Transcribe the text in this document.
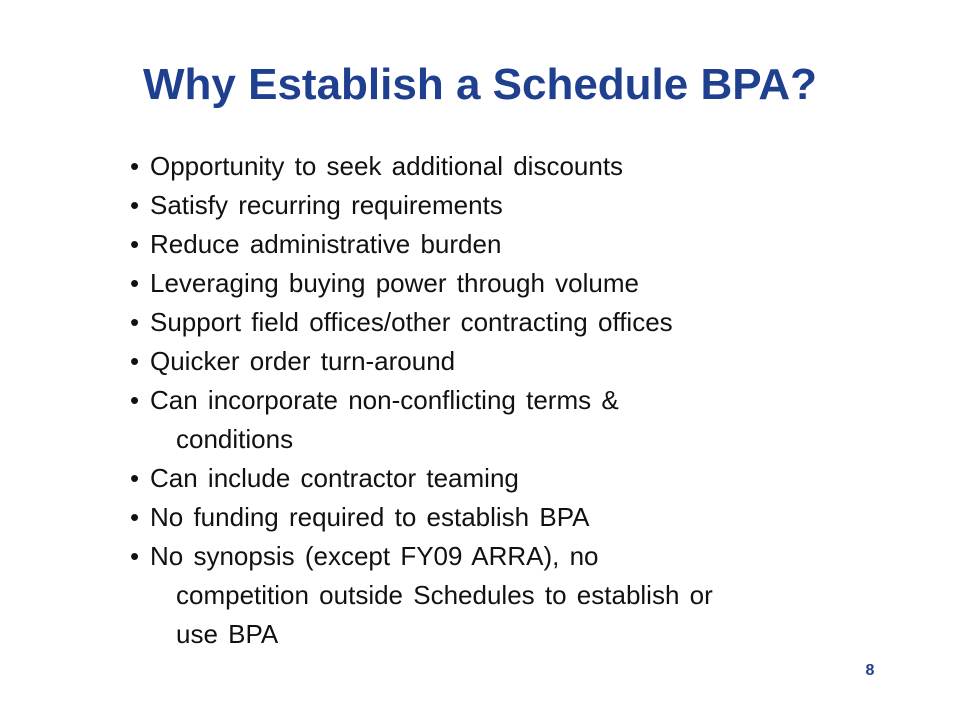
Why Establish a Schedule BPA?
• Opportunity to seek additional discounts
• Satisfy recurring requirements
• Reduce administrative burden
• Leveraging buying power through volume
• Support field offices/other contracting offices
• Quicker order turn-around
• Can incorporate non-conflicting terms &
conditions
• Can include contractor teaming
• No funding required to establish BPA
• No synopsis (except FY09 ARRA), no
competition outside Schedules to establish or
use BPA
8
